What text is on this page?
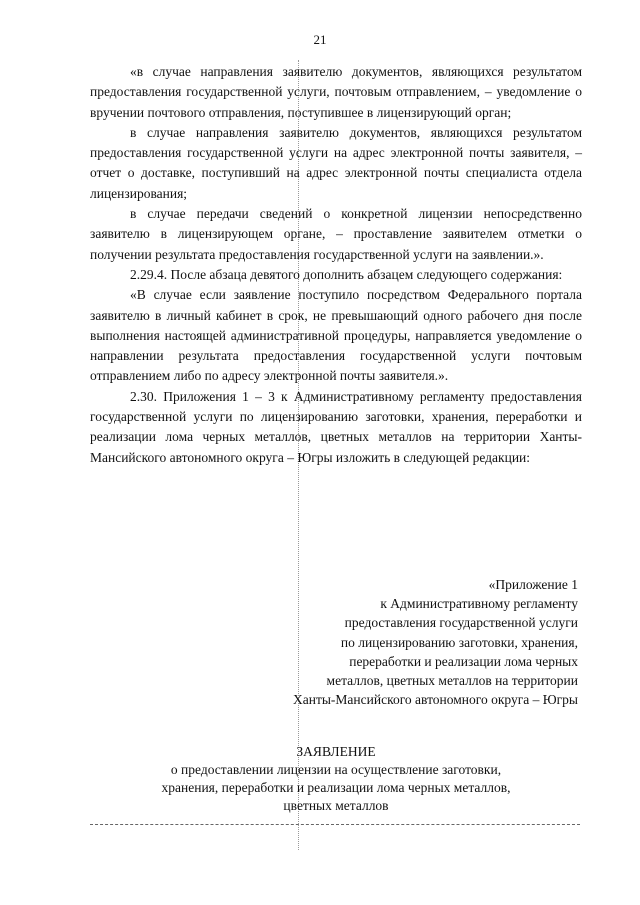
21

«в случае направления заявителю документов, являющихся результатом предоставления государственной услуги, почтовым отправлением, – уведомление о вручении почтового отправления, поступившее в лицензирующий орган;

в случае направления заявителю документов, являющихся результатом предоставления государственной услуги на адрес электронной почты заявителя, – отчет о доставке, поступивший на адрес электронной почты специалиста отдела лицензирования;

в случае передачи сведений о конкретной лицензии непосредственно заявителю в лицензирующем органе, – проставление заявителем отметки о получении результата предоставления государственной услуги на заявлении.».

2.29.4. После абзаца девятого дополнить абзацем следующего содержания:

«В случае если заявление поступило посредством Федерального портала заявителю в личный кабинет в срок, не превышающий одного рабочего дня после выполнения настоящей административной процедуры, направляется уведомление о направлении результата предоставления государственной услуги почтовым отправлением либо по адресу электронной почты заявителя.».

2.30. Приложения 1 – 3 к Административному регламенту предоставления государственной услуги по лицензированию заготовки, хранения, переработки и реализации лома черных металлов, цветных металлов на территории Ханты-Мансийского автономного округа – Югры изложить в следующей редакции:

«Приложение 1
к Административному регламенту
предоставления государственной услуги
по лицензированию заготовки, хранения,
переработки и реализации лома черных
металлов, цветных металлов на территории
Ханты-Мансийского автономного округа – Югры
ЗАЯВЛЕНИЕ
о предоставлении лицензии на осуществление заготовки,
хранения, переработки и реализации лома черных металлов,
цветных металлов
